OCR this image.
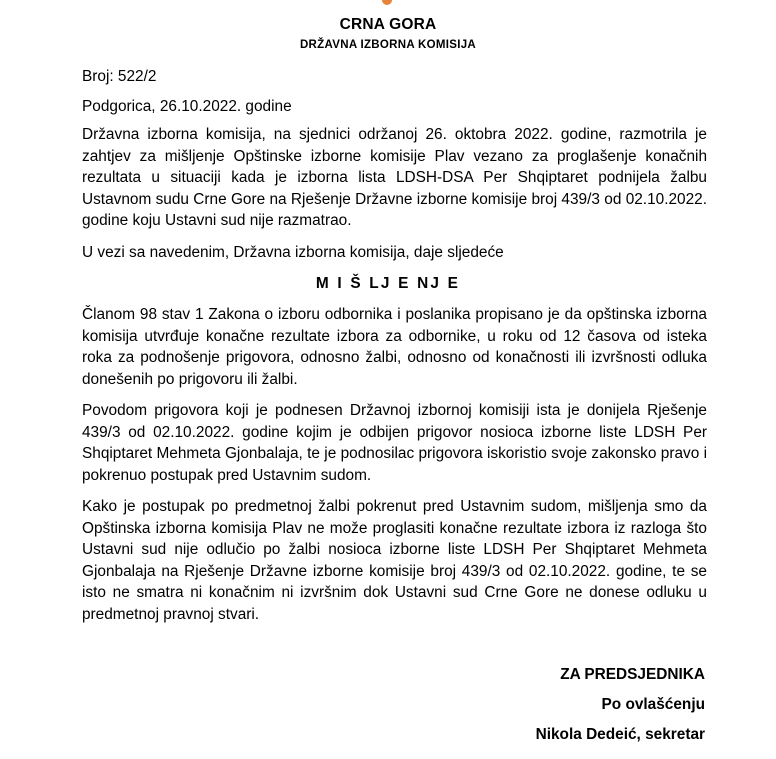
CRNA GORA
DRŽAVNA IZBORNA KOMISIJA
Broj: 522/2
Podgorica, 26.10.2022. godine

Državna izborna komisija, na sjednici održanoj 26. oktobra 2022. godine, razmotrila je zahtjev za mišljenje Opštinske izborne komisije Plav vezano za proglašenje konačnih rezultata u situaciji kada je izborna lista LDSH-DSA Per Shqiptaret podnijela žalbu Ustavnom sudu Crne Gore na Rješenje Državne izborne komisije broj 439/3 od 02.10.2022. godine koju Ustavni sud nije razmatrao.

U vezi sa navedenim, Državna izborna komisija, daje sljedeće
M I Š LJ E NJ E

Članom 98 stav 1 Zakona o izboru odbornika i poslanika propisano je da opštinska izborna komisija utvrđuje konačne rezultate izbora za odbornike, u roku od 12 časova od isteka roka za podnošenje prigovora, odnosno žalbi, odnosno od konačnosti ili izvršnosti odluka donešenih po prigovoru ili žalbi.

Povodom prigovora koji je podnesen Državnoj izbornoj komisiji ista je donijela Rješenje 439/3 od 02.10.2022. godine kojim je odbijen prigovor nosioca izborne liste LDSH Per Shqiptaret Mehmeta Gjonbalaja, te je podnosilac prigovora iskoristio svoje zakonsko pravo i pokrenuo postupak pred Ustavnim sudom.

Kako je postupak po predmetnoj žalbi pokrenut pred Ustavnim sudom, mišljenja smo da Opštinska izborna komisija Plav ne može proglasiti konačne rezultate izbora iz razloga što Ustavni sud nije odlučio po žalbi nosioca izborne liste LDSH Per Shqiptaret Mehmeta Gjonbalaja na Rješenje Državne izborne komisije broj 439/3 od 02.10.2022. godine, te se isto ne smatra ni konačnim ni izvršnim dok Ustavni sud Crne Gore ne donese odluku u predmetnoj pravnoj stvari.

ZA PREDSJEDNIKA
Po ovlašćenju
Nikola Dedeić, sekretar
